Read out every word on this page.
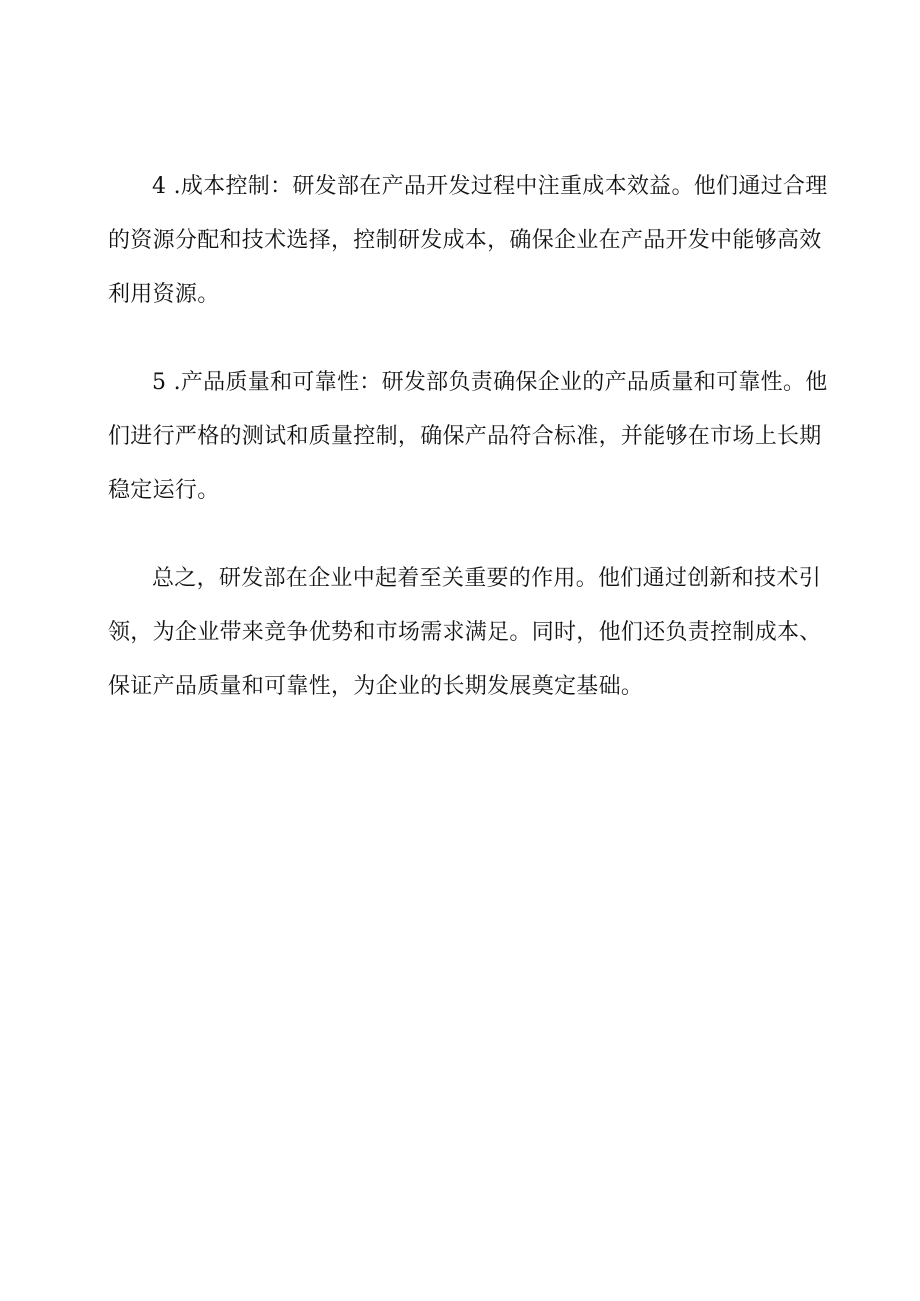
4 .成本控制：研发部在产品开发过程中注重成本效益。他们通过合理的资源分配和技术选择，控制研发成本，确保企业在产品开发中能够高效利用资源。

5 .产品质量和可靠性：研发部负责确保企业的产品质量和可靠性。他们进行严格的测试和质量控制，确保产品符合标准，并能够在市场上长期稳定运行。

总之，研发部在企业中起着至关重要的作用。他们通过创新和技术引领，为企业带来竞争优势和市场需求满足。同时，他们还负责控制成本、保证产品质量和可靠性，为企业的长期发展奠定基础。
